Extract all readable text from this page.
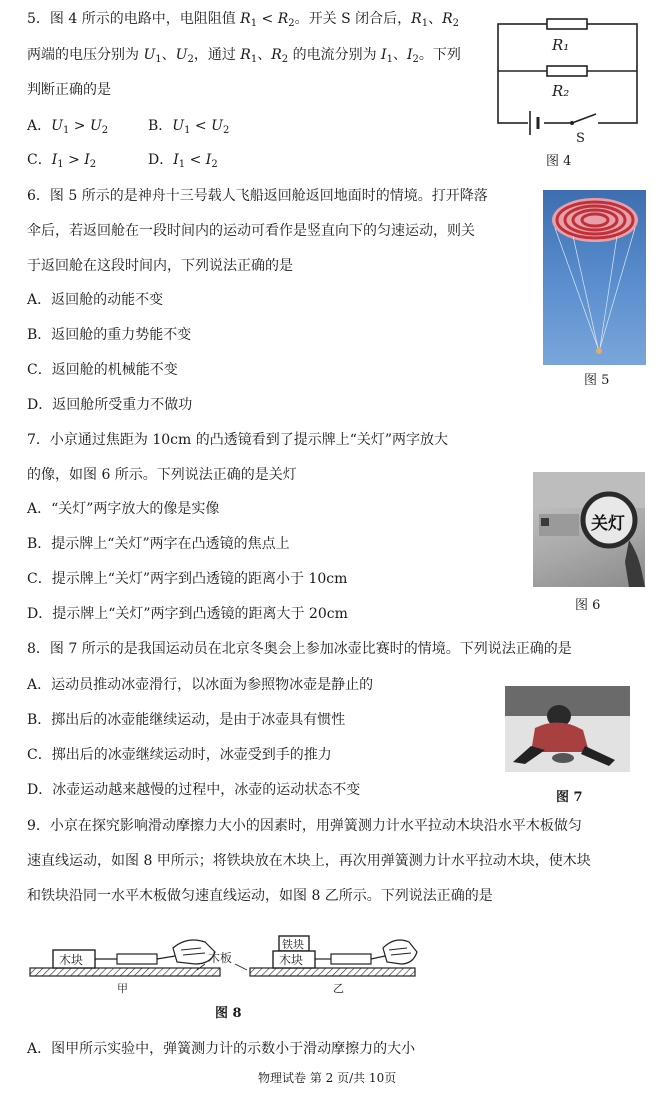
5．图 4 所示的电路中，电阻阻值 $R_1 < R_2$。开关 S 闭合后，$R_1$、$R_2$
两端的电压分别为 $U_1$、$U_2$，通过 $R_1$、$R_2$ 的电流分别为 $I_1$、$I_2$。下列
判断正确的是
A．$U_1 > U_2$	B．$U_1 < U_2$
C．$I_1 > I_2$	D．$I_1 < I_2$
R₁
R₂
S
图 4
6．图 5 所示的是神舟十三号载人飞船返回舱返回地面时的情境。打开降落
伞后，若返回舱在一段时间内的运动可看作是竖直向下的匀速运动，则关
于返回舱在这段时间内，下列说法正确的是
A．返回舱的动能不变
B．返回舱的重力势能不变
C．返回舱的机械能不变
D．返回舱所受重力不做功
图 5
7．小京通过焦距为 10cm 的凸透镜看到了提示牌上“关灯”两字放大
的像，如图 6 所示。下列说法正确的是关灯
A．“关灯”两字放大的像是实像
B．提示牌上“关灯”两字在凸透镜的焦点上
C．提示牌上“关灯”两字到凸透镜的距离小于 10cm
D．提示牌上“关灯”两字到凸透镜的距离大于 20cm
关灯
图 6
8．图 7 所示的是我国运动员在北京冬奥会上参加冰壶比赛时的情境。下列说法正确的是
A．运动员推动冰壶滑行，以冰面为参照物冰壶是静止的
B．掷出后的冰壶能继续运动，是由于冰壶具有惯性
C．掷出后的冰壶继续运动时，冰壶受到手的推力
D．冰壶运动越来越慢的过程中，冰壶的运动状态不变	图 7
9．小京在探究影响滑动摩擦力大小的因素时，用弹簧测力计水平拉动木块沿水平木板做匀
速直线运动，如图 8 甲所示；将铁块放在木块上，再次用弹簧测力计水平拉动木块，使木块
和铁块沿同一水平木板做匀速直线运动，如图 8 乙所示。下列说法正确的是
木块	木板
铁块
木块
甲	乙
图 8
A．图甲所示实验中，弹簧测力计的示数小于滑动摩擦力的大小
物理试卷 第 2 页/共 10页
